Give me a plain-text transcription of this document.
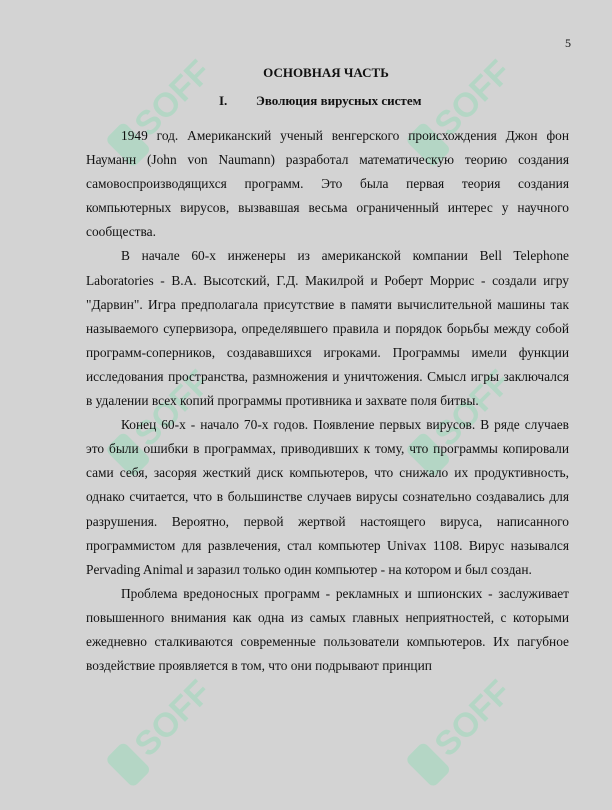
SOFF	SOFF
SOFF	SOFF
SOFF	SOFF
5
ОСНОВНАЯ ЧАСТЬ
I. Эволюция вирусных систем

1949 год. Американский ученый венгерского происхождения Джон фон Науманн (John von Naumann) разработал математическую теорию создания самовоспроизводящихся программ. Это была первая теория создания компьютерных вирусов, вызвавшая весьма ограниченный интерес у научного сообщества.

В начале 60-х инженеры из американской компании Bell Telephone Laboratories - В.А. Высотский, Г.Д. Макилрой и Роберт Моррис - создали игру "Дарвин". Игра предполагала присутствие в памяти вычислительной машины так называемого супервизора, определявшего правила и порядок борьбы между собой программ-соперников, создававшихся игроками. Программы имели функции исследования пространства, размножения и уничтожения. Смысл игры заключался в удалении всех копий программы противника и захвате поля битвы.

Конец 60-х - начало 70-х годов. Появление первых вирусов. В ряде случаев это были ошибки в программах, приводивших к тому, что программы копировали сами себя, засоряя жесткий диск компьютеров, что снижало их продуктивность, однако считается, что в большинстве случаев вирусы сознательно создавались для разрушения. Вероятно, первой жертвой настоящего вируса, написанного программистом для развлечения, стал компьютер Univax 1108. Вирус назывался Pervading Animal и заразил только один компьютер - на котором и был создан.

Проблема вредоносных программ - рекламных и шпионских - заслуживает повышенного внимания как одна из самых главных неприятностей, с которыми ежедневно сталкиваются современные пользователи компьютеров. Их пагубное воздействие проявляется в том, что они подрывают принцип
